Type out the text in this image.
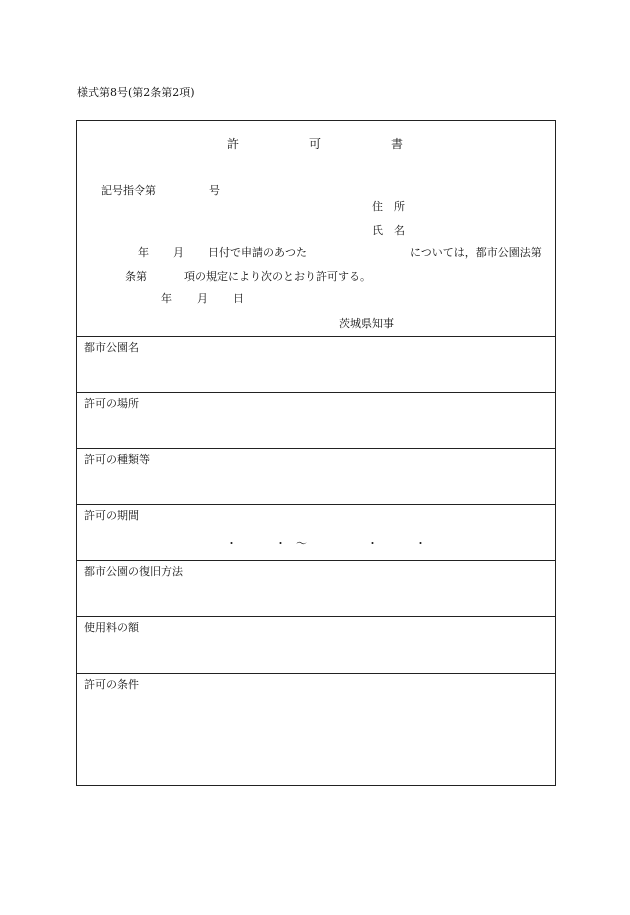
様式第8号(第2条第2項)
許	可	書
記号指令第	号
住　所
氏　名
年 月 日付で申請のあつた	については，都市公園法第
条第	項の規定により次のとおり許可する。
年 月 日
茨城県知事
都市公園名
許可の場所
許可の種類等
許可の期間
・	・ ～	・	・
都市公園の復旧方法
使用料の額
許可の条件
